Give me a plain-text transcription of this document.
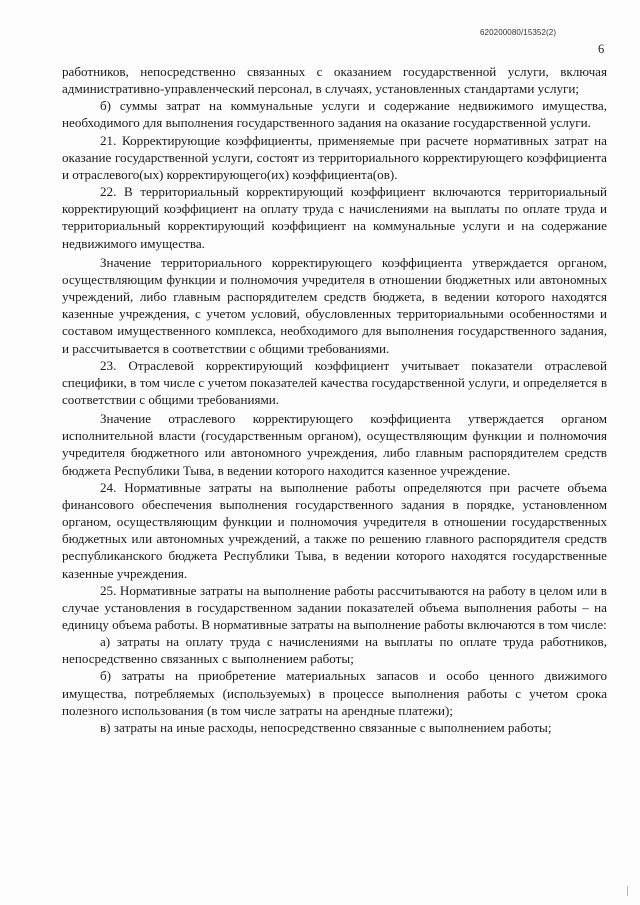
620200080/15352(2)
6

работников, непосредственно связанных с оказанием государственной услуги, включая административно-управленческий персонал, в случаях, установленных стандартами услуги;

б) суммы затрат на коммунальные услуги и содержание недвижимого имущества, необходимого для выполнения государственного задания на оказание государственной услуги.

21. Корректирующие коэффициенты, применяемые при расчете нормативных затрат на оказание государственной услуги, состоят из территориального корректирующего коэффициента и отраслевого(ых) корректирующего(их) коэффициента(ов).

22. В территориальный корректирующий коэффициент включаются территориальный корректирующий коэффициент на оплату труда с начислениями на выплаты по оплате труда и территориальный корректирующий коэффициент на коммунальные услуги и на содержание недвижимого имущества.

Значение территориального корректирующего коэффициента утверждается органом, осуществляющим функции и полномочия учредителя в отношении бюджетных или автономных учреждений, либо главным распорядителем средств бюджета, в ведении которого находятся казенные учреждения, с учетом условий, обусловленных территориальными особенностями и составом имущественного комплекса, необходимого для выполнения государственного задания, и рассчитывается в соответствии с общими требованиями.

23. Отраслевой корректирующий коэффициент учитывает показатели отраслевой специфики, в том числе с учетом показателей качества государственной услуги, и определяется в соответствии с общими требованиями.

Значение отраслевого корректирующего коэффициента утверждается органом исполнительной власти (государственным органом), осуществляющим функции и полномочия учредителя бюджетного или автономного учреждения, либо главным распорядителем средств бюджета Республики Тыва, в ведении которого находится казенное учреждение.

24. Нормативные затраты на выполнение работы определяются при расчете объема финансового обеспечения выполнения государственного задания в порядке, установленном органом, осуществляющим функции и полномочия учредителя в отношении государственных бюджетных или автономных учреждений, а также по решению главного распорядителя средств республиканского бюджета Республики Тыва, в ведении которого находятся государственные казенные учреждения.

25. Нормативные затраты на выполнение работы рассчитываются на работу в целом или в случае установления в государственном задании показателей объема выполнения работы – на единицу объема работы. В нормативные затраты на выполнение работы включаются в том числе:

а) затраты на оплату труда с начислениями на выплаты по оплате труда работников, непосредственно связанных с выполнением работы;

б) затраты на приобретение материальных запасов и особо ценного движимого имущества, потребляемых (используемых) в процессе выполнения работы с учетом срока полезного использования (в том числе затраты на арендные платежи);

в) затраты на иные расходы, непосредственно связанные с выполнением работы;
